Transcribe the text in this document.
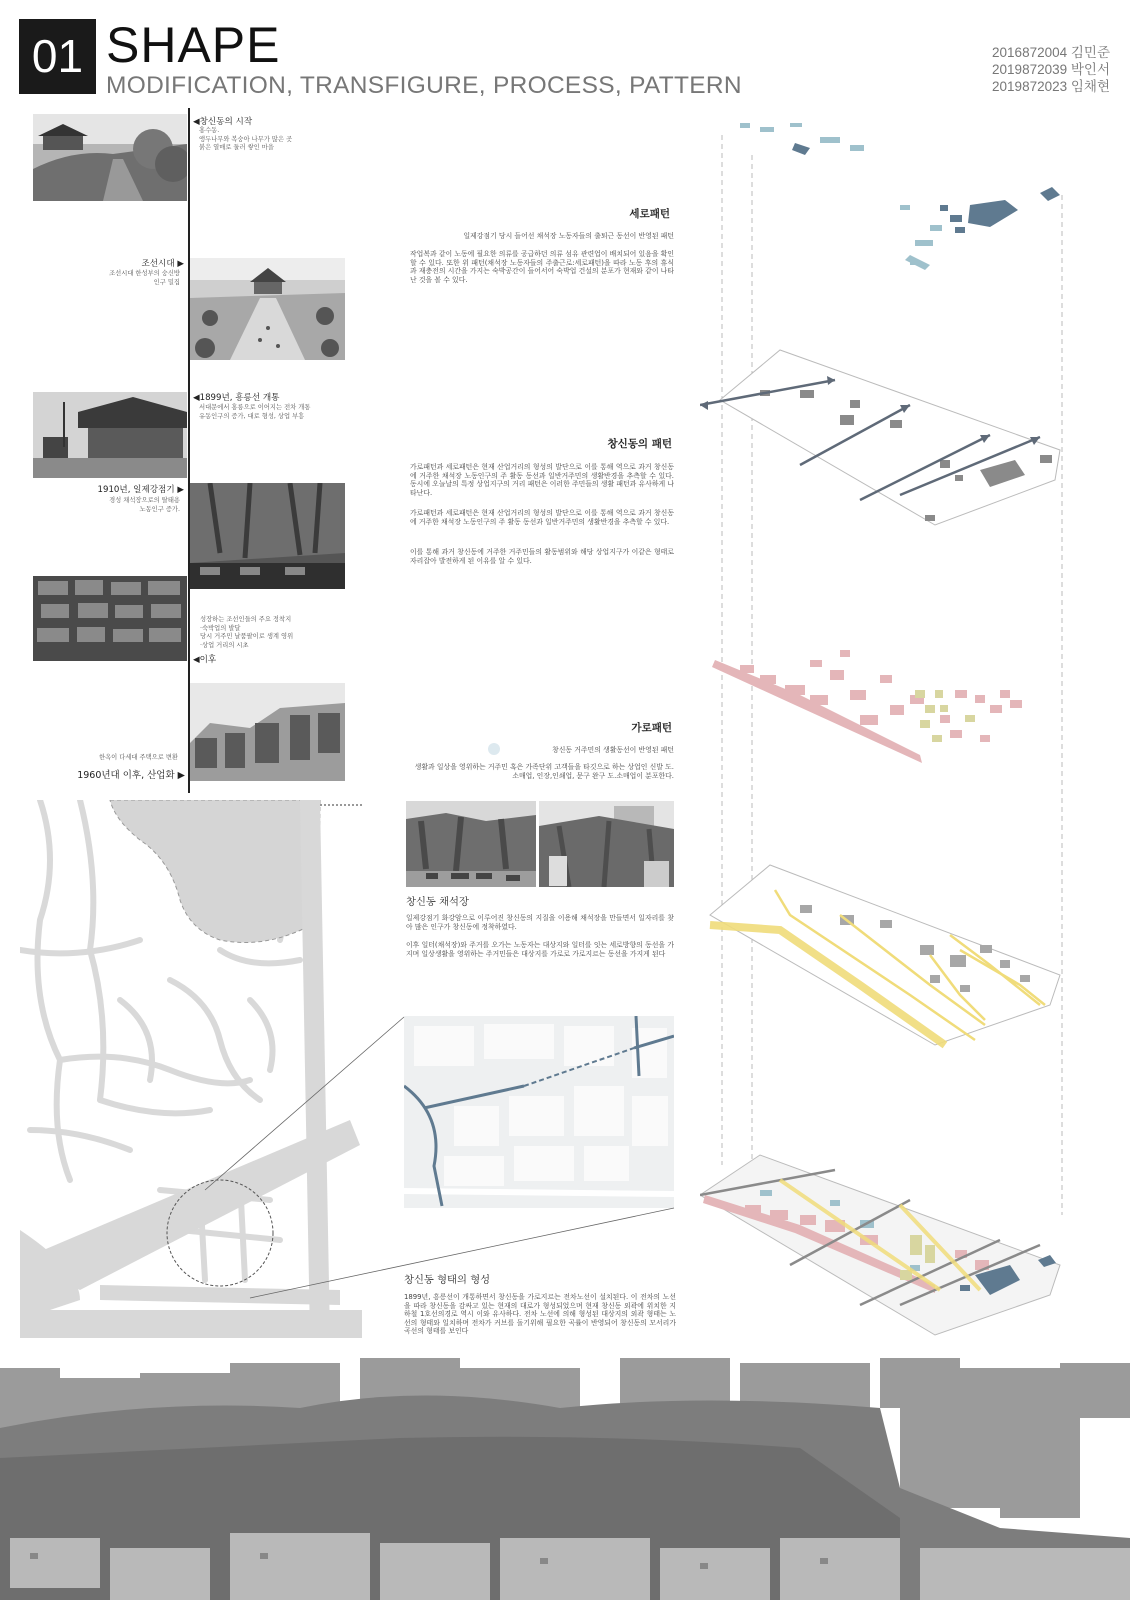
01 SHAPE
MODIFICATION, TRANSFIGURE, PROCESS, PATTERN
2016872004 김민준
2019872039 박인서
2019872023 임채현
◀창신동의 시작
홍수동.
앵두나무와 복숭아 나무가 많은 곳
붉은 열매로 둘러 쌓인 마을
조선시대 ▶
조선시대 한성부의 숭신방
인구 밀집
◀1899년, 흥릉선 개통
서대문에서 홍릉으로 이어지는 전차 개통
유동인구의 증가, 대로 형성, 상업 부흥
1910년, 일제강점기 ▶
경성 채석장으로의 탈태용
노동인구 증가.
성장하는 조선인들의 주요 정착지
·숙박업의 발달
당시 거주민 날품팔이로 생계 영위
·상업 거리의 시초
◀이후
한옥이 다세대 주택으로 변환
1960년대 이후, 산업화 ▶
세로패턴
일제강점기 당시 들어선 채석장 노동자들의 출퇴근 동선이 반영된 패턴
작업복과 같이 노동에 필요한 의류를 공급하던 의류 섬유 관련업이 배치되어 있음을 확인 할 수 있다. 또한 위 패턴(채석장 노동자들의 주출근로:세로패턴)을 따라 노동 후의 휴식과 재충전의 시간을 가지는 숙박공간이 들어서어 숙박업 건설의 분포가 현재와 같이 나타난 것을 볼 수 있다.
창신동의 패턴
가로패턴과 세로패턴은 현재 산업거리의 형성의 발단으로 이를 통해 역으로 과거 창신동에 거주한 채석장 노동인구의 주 활동 동선과 일반거주민의 생활반경을 추측할 수 있다. 동시에 오늘날의 특정 상업지구의 거리 패턴은 이러한 주민들의 생활 패턴과 유사하게 나타난다.
가로패턴과 세로패턴은 현재 산업거리의 형성의 발단으로 이를 통해 역으로 과거 창신동에 거주한 채석장 노동인구의 주 활동 동선과 일반거주민의 생활반경을 추측할 수 있다.
이를 통해 과거 창신동에 거주한 거주민들의 활동범위와 해당 상업지구가 이같은 형태로 자리잡아 발전하게 된 이유를 알 수 있다.
가로패턴
창신동 거주민의 생활동선이 반영된 패턴
생활과 일상을 영위하는 거주민 혹은 가족단위 고객들을 타깃으로 하는 상업인 신발 도.소매업, 인장,인쇄업, 문구 완구 도.소매업이 분포한다.
창신동 채석장
일제강점기 화강암으로 이루어진 창신동의 지질을 이용해 채석장을 만들면서 일자리를 찾아 많은 인구가 창신동에 정착하였다.
이후 일터(채석장)와 주거를 오가는 노동자는 대상지와 일터를 잇는 세로방향의 동선을 가지며 일상생활을 영위하는 주거민들은 대상지를 가로로 가로지르는 동선을 가지게 된다
창신동 형태의 형성
1899년, 흥릉선이 개통하면서 창신동을 가로지르는 전차노선이 설치된다. 이 전차의 노선을 따라 창신동을 감싸고 있는 현재의 대로가 형성되었으며 현재 창신동 외곽에 위치한 지하철 1호선의경로 역시 이와 유사하다. 전차 노선에 의해 형성된 대상지의 외곽 형태는 노선의 형태와 일치하며 전차가 커브를 돌기위해 필요한 곡률이 반영되어 창신동의 모서리가 곡선의 형태를 보인다
